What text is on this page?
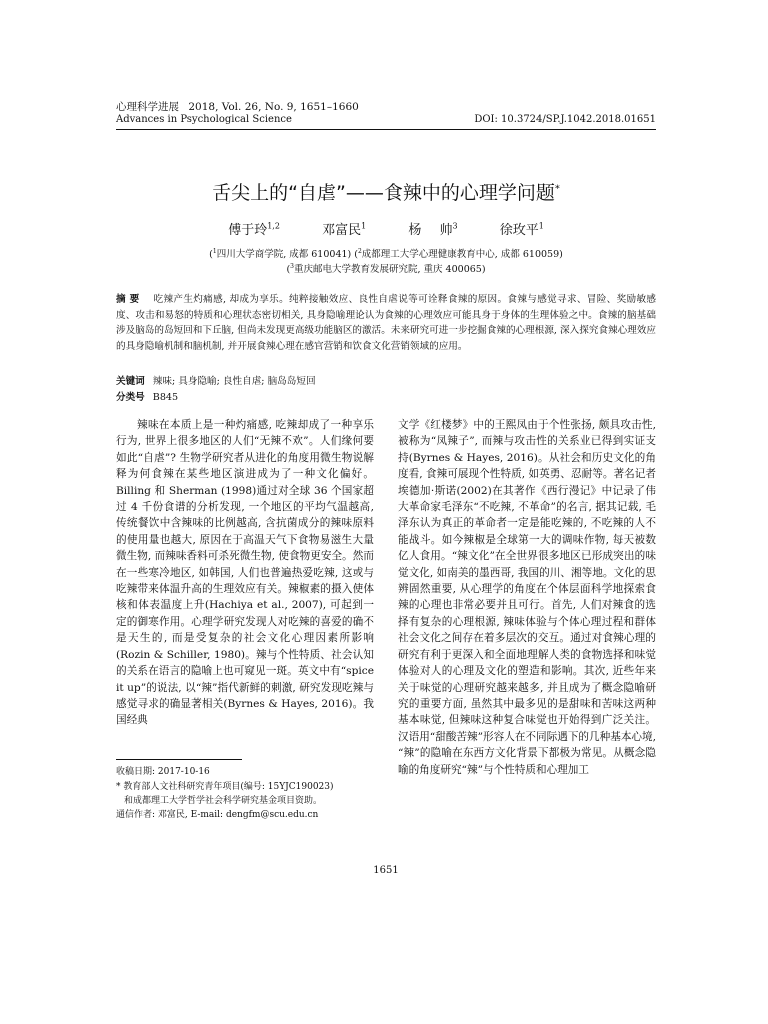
心理科学进展 2018, Vol. 26, No. 9, 1651–1660
Advances in Psychological Science	DOI: 10.3724/SP.J.1042.2018.01651
舌尖上的“自虐”——食辣中的心理学问题*
傅于玲$^{1,2}$	邓富民$^1$	杨 帅$^3$	徐玫平$^1$
($^1$四川大学商学院, 成都 610041) ($^2$成都理工大学心理健康教育中心, 成都 610059)
($^3$重庆邮电大学教育发展研究院, 重庆 400065)
摘 要 吃辣产生灼痛感, 却成为享乐。纯粹接触效应、良性自虐说等可诠释食辣的原因。食辣与感觉寻求、冒险、奖励敏感度、攻击和易怒的特质和心理状态密切相关, 具身隐喻理论认为食辣的心理效应可能具身于身体的生理体验之中。食辣的脑基础涉及脑岛的岛短回和下丘脑, 但尚未发现更高级功能脑区的激活。未来研究可进一步挖掘食辣的心理根源, 深入探究食辣心理效应的具身隐喻机制和脑机制, 并开展食辣心理在感官营销和饮食文化营销领域的应用。
关键词 辣味; 具身隐喻; 良性自虐; 脑岛岛短回
分类号 B845
辣味在本质上是一种灼痛感, 吃辣却成了一种享乐行为, 世界上很多地区的人们“无辣不欢”。人们缘何要如此“自虐”? 生物学研究者从进化的角度用微生物说解释为何食辣在某些地区演进成为了一种文化偏好。Billing 和 Sherman (1998)通过对全球 36 个国家超过 4 千份食谱的分析发现, 一个地区的平均气温越高, 传统餐饮中含辣味的比例越高, 含抗菌成分的辣味原料的使用量也越大, 原因在于高温天气下食物易滋生大量微生物, 而辣味香料可杀死微生物, 使食物更安全。然而在一些寒冷地区, 如韩国, 人们也普遍热爱吃辣, 这或与吃辣带来体温升高的生理效应有关。辣椒素的摄入使体核和体表温度上升(Hachiya et al., 2007), 可起到一定的御寒作用。心理学研究发现人对吃辣的喜爱的确不是天生的, 而是受复杂的社会文化心理因素所影响(Rozin & Schiller, 1980)。辣与个性特质、社会认知的关系在语言的隐喻上也可窥见一斑。英文中有“spice it up”的说法, 以“辣”指代新鲜的刺激, 研究发现吃辣与感觉寻求的确显著相关(Byrnes & Hayes, 2016)。我国经典
文学《红楼梦》中的王熙凤由于个性张扬, 颇具攻击性, 被称为“凤辣子”, 而辣与攻击性的关系业已得到实证支持(Byrnes & Hayes, 2016)。从社会和历史文化的角度看, 食辣可展现个性特质, 如英勇、忍耐等。著名记者埃德加·斯诺(2002)在其著作《西行漫记》中记录了伟大革命家毛泽东“不吃辣, 不革命”的名言, 据其记载, 毛泽东认为真正的革命者一定是能吃辣的, 不吃辣的人不能战斗。如今辣椒是全球第一大的调味作物, 每天被数亿人食用。“辣文化”在全世界很多地区已形成突出的味觉文化, 如南美的墨西哥, 我国的川、湘等地。文化的思辨固然重要, 从心理学的角度在个体层面科学地探索食辣的心理也非常必要并且可行。首先, 人们对辣食的选择有复杂的心理根源, 辣味体验与个体心理过程和群体社会文化之间存在着多层次的交互。通过对食辣心理的研究有利于更深入和全面地理解人类的食物选择和味觉体验对人的心理及文化的塑造和影响。其次, 近些年来关于味觉的心理研究越来越多, 并且成为了概念隐喻研究的重要方面, 虽然其中最多见的是甜味和苦味这两种基本味觉, 但辣味这种复合味觉也开始得到广泛关注。汉语用“甜酸苦辣”形容人在不同际遇下的几种基本心境, “辣”的隐喻在东西方文化背景下都极为常见。从概念隐喻的角度研究“辣”与个性特质和心理加工
收稿日期: 2017-10-16
* 教育部人文社科研究青年项目(编号: 15YJC190023)
和成都理工大学哲学社会科学研究基金项目资助。
通信作者: 邓富民, E-mail: dengfm@scu.edu.cn
1651
